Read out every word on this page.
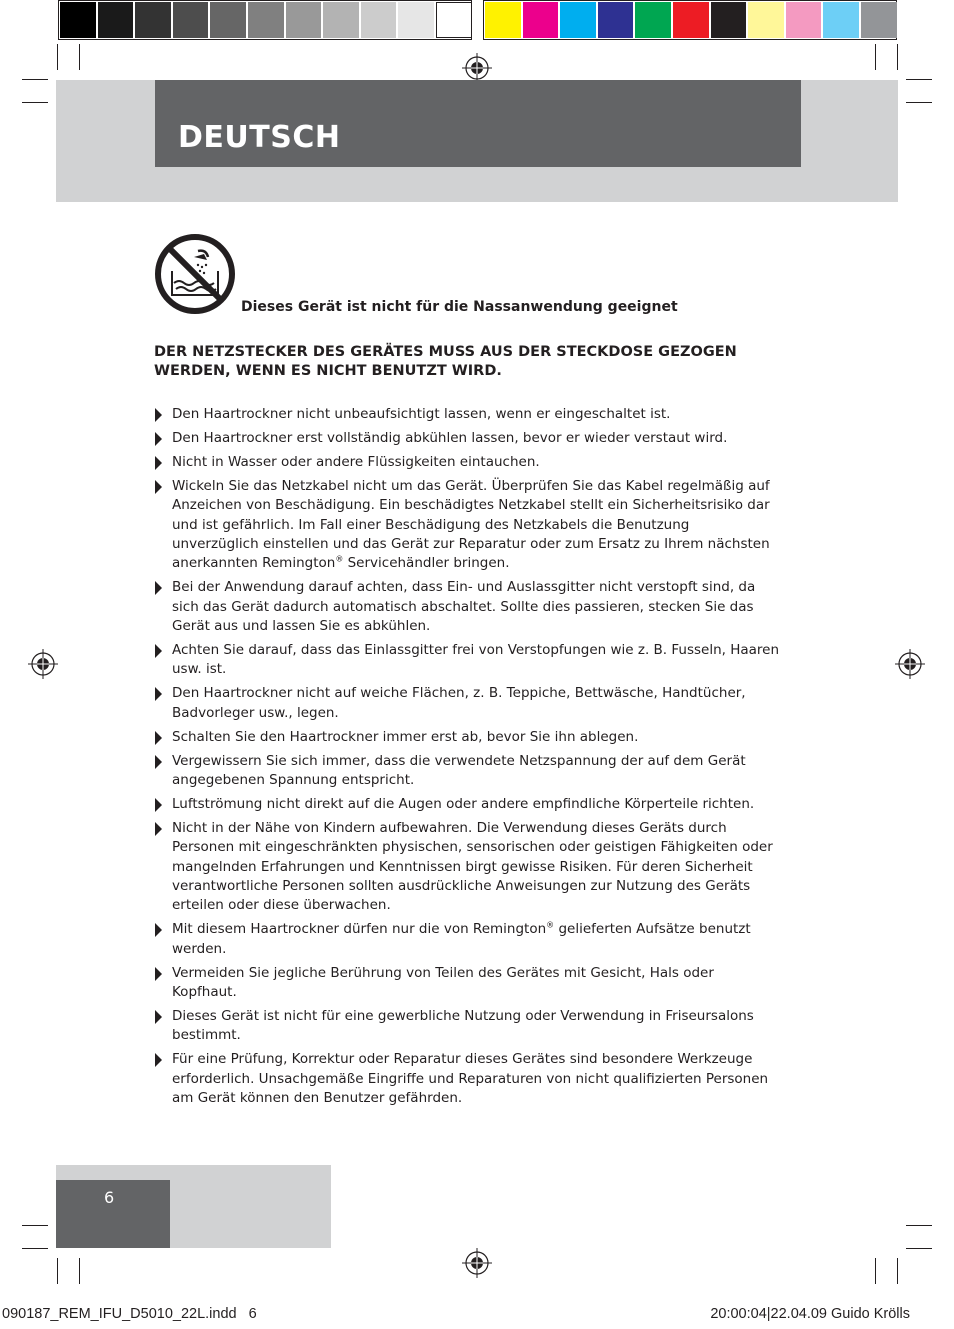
DEUTSCH
Dieses Gerät ist nicht für die Nassanwendung geeignet
DER NETZSTECKER DES GERÄTES MUSS AUS DER STECKDOSE GEZOGEN WERDEN, WENN ES NICHT BENUTZT WIRD.
Den Haartrockner nicht unbeaufsichtigt lassen, wenn er eingeschaltet ist.
Den Haartrockner erst vollständig abkühlen lassen, bevor er wieder verstaut wird.
Nicht in Wasser oder andere Flüssigkeiten eintauchen.
Wickeln Sie das Netzkabel nicht um das Gerät. Überprüfen Sie das Kabel regelmäßig auf Anzeichen von Beschädigung. Ein beschädigtes Netzkabel stellt ein Sicherheitsrisiko dar und ist gefährlich. Im Fall einer Beschädigung des Netzkabels die Benutzung unverzüglich einstellen und das Gerät zur Reparatur oder zum Ersatz zu Ihrem nächsten anerkannten Remington® Servicehändler bringen.
Bei der Anwendung darauf achten, dass Ein- und Auslassgitter nicht verstopft sind, da sich das Gerät dadurch automatisch abschaltet. Sollte dies passieren, stecken Sie das Gerät aus und lassen Sie es abkühlen.
Achten Sie darauf, dass das Einlassgitter frei von Verstopfungen wie z. B. Fusseln, Haaren usw. ist.
Den Haartrockner nicht auf weiche Flächen, z. B. Teppiche, Bettwäsche, Handtücher, Badvorleger usw., legen.
Schalten Sie den Haartrockner immer erst ab, bevor Sie ihn ablegen.
Vergewissern Sie sich immer, dass die verwendete Netzspannung der auf dem Gerät angegebenen Spannung entspricht.
Luftströmung nicht direkt auf die Augen oder andere empfindliche Körperteile richten.
Nicht in der Nähe von Kindern aufbewahren. Die Verwendung dieses Geräts durch Personen mit eingeschränkten physischen, sensorischen oder geistigen Fähigkeiten oder mangelnden Erfahrungen und Kenntnissen birgt gewisse Risiken. Für deren Sicherheit verantwortliche Personen sollten ausdrückliche Anweisungen zur Nutzung des Geräts erteilen oder diese überwachen.
Mit diesem Haartrockner dürfen nur die von Remington® gelieferten Aufsätze benutzt werden.
Vermeiden Sie jegliche Berührung von Teilen des Gerätes mit Gesicht, Hals oder Kopfhaut.
Dieses Gerät ist nicht für eine gewerbliche Nutzung oder Verwendung in Friseursalons bestimmt.
Für eine Prüfung, Korrektur oder Reparatur dieses Gerätes sind besondere Werkzeuge erforderlich. Unsachgemäße Eingriffe und Reparaturen von nicht qualifizierten Personen am Gerät können den Benutzer gefährden.
6
090187_REM_IFU_D5010_22L.indd   6	20:00:04|22.04.09 Guido Krölls
